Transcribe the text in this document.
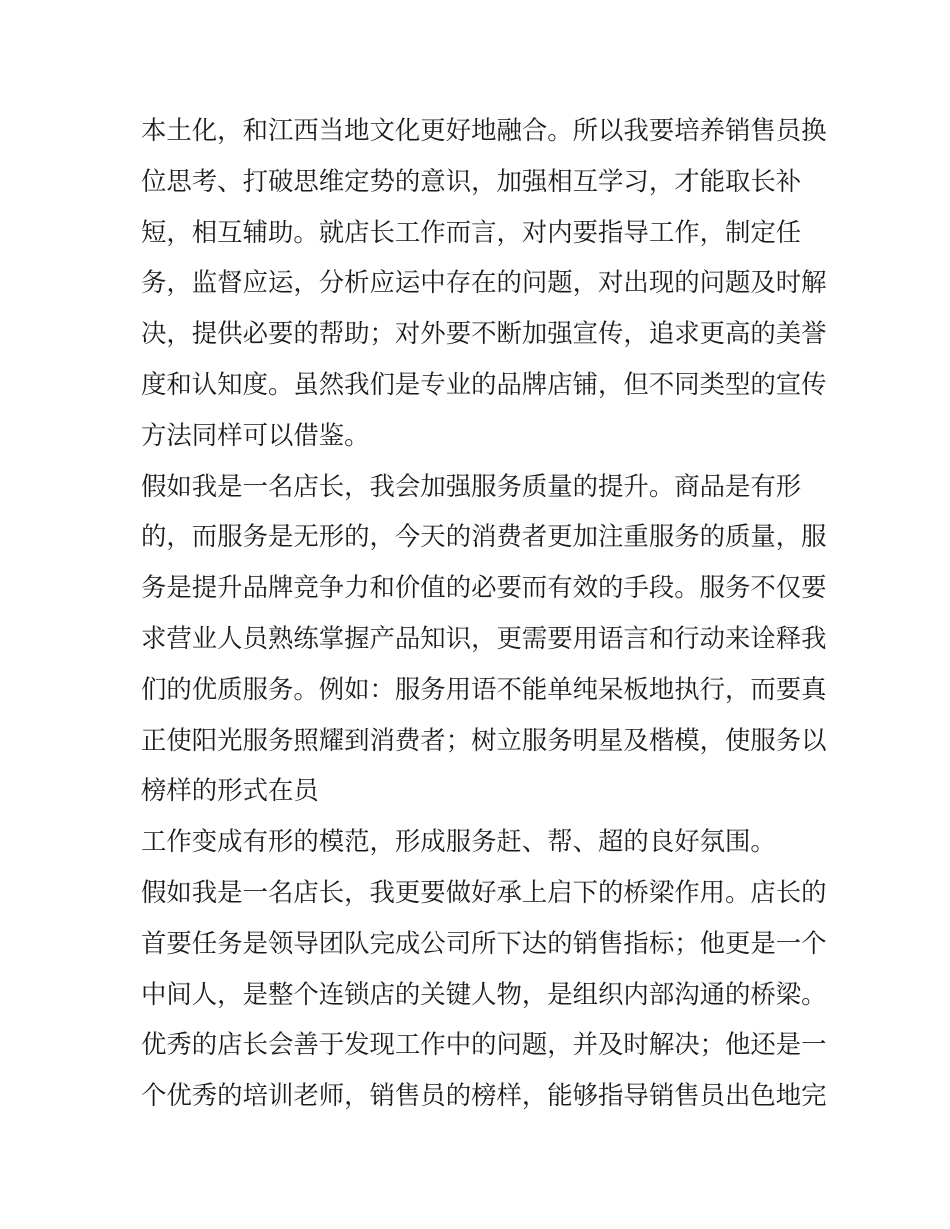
本土化，和江西当地文化更好地融合。所以我要培养销售员换
位思考、打破思维定势的意识，加强相互学习，才能取长补
短，相互辅助。就店长工作而言，对内要指导工作，制定任
务，监督应运，分析应运中存在的问题，对出现的问题及时解
决，提供必要的帮助；对外要不断加强宣传，追求更高的美誉
度和认知度。虽然我们是专业的品牌店铺，但不同类型的宣传
方法同样可以借鉴。
假如我是一名店长，我会加强服务质量的提升。商品是有形
的，而服务是无形的，今天的消费者更加注重服务的质量，服
务是提升品牌竞争力和价值的必要而有效的手段。服务不仅要
求营业人员熟练掌握产品知识，更需要用语言和行动来诠释我
们的优质服务。例如：服务用语不能单纯呆板地执行，而要真
正使阳光服务照耀到消费者；树立服务明星及楷模，使服务以
榜样的形式在员
工作变成有形的模范，形成服务赶、帮、超的良好氛围。
假如我是一名店长，我更要做好承上启下的桥梁作用。店长的
首要任务是领导团队完成公司所下达的销售指标；他更是一个
中间人，是整个连锁店的关键人物，是组织内部沟通的桥梁。
优秀的店长会善于发现工作中的问题，并及时解决；他还是一
个优秀的培训老师，销售员的榜样，能够指导销售员出色地完
